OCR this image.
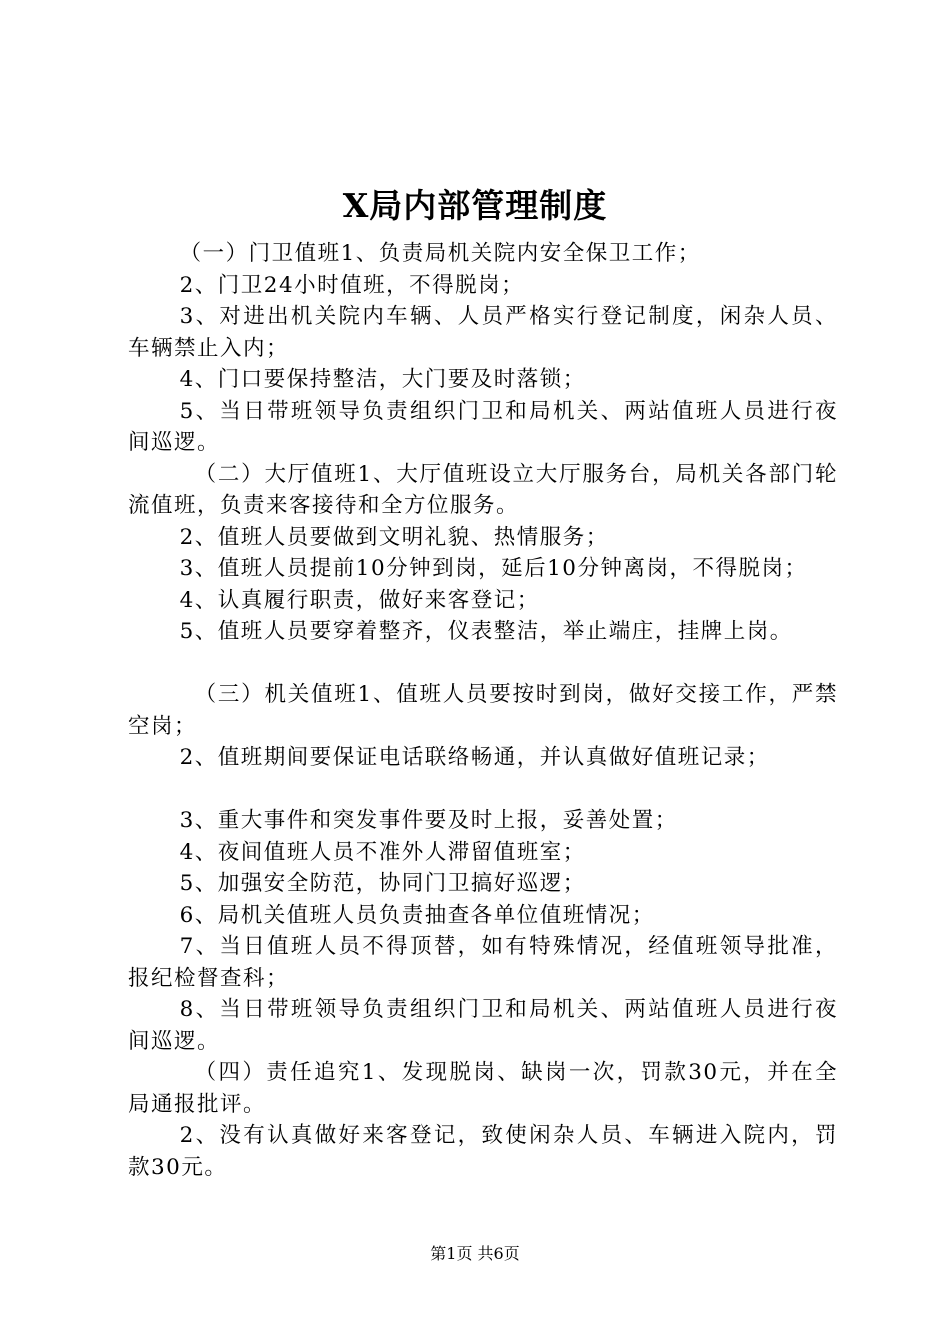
X局内部管理制度

（一）门卫值班1、负责局机关院内安全保卫工作；

2、门卫24小时值班，不得脱岗；

3、对进出机关院内车辆、人员严格实行登记制度，闲杂人员、车辆禁止入内；

4、门口要保持整洁，大门要及时落锁；

5、当日带班领导负责组织门卫和局机关、两站值班人员进行夜间巡逻。

（二）大厅值班1、大厅值班设立大厅服务台，局机关各部门轮流值班，负责来客接待和全方位服务。

2、值班人员要做到文明礼貌、热情服务；

3、值班人员提前10分钟到岗，延后10分钟离岗，不得脱岗；

4、认真履行职责，做好来客登记；

5、值班人员要穿着整齐，仪表整洁，举止端庄，挂牌上岗。

（三）机关值班1、值班人员要按时到岗，做好交接工作，严禁空岗；

2、值班期间要保证电话联络畅通，并认真做好值班记录；

3、重大事件和突发事件要及时上报，妥善处置；

4、夜间值班人员不准外人滞留值班室；

5、加强安全防范，协同门卫搞好巡逻；

6、局机关值班人员负责抽查各单位值班情况；

7、当日值班人员不得顶替，如有特殊情况，经值班领导批准，报纪检督查科；

8、当日带班领导负责组织门卫和局机关、两站值班人员进行夜间巡逻。

（四）责任追究1、发现脱岗、缺岗一次，罚款30元，并在全局通报批评。

2、没有认真做好来客登记，致使闲杂人员、车辆进入院内，罚款30元。

第1页 共6页
